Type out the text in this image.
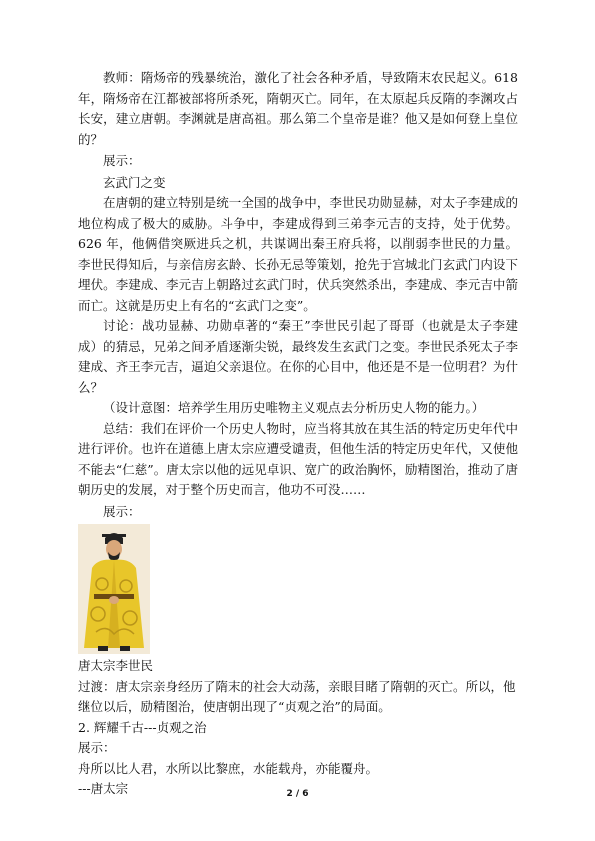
教师：隋炀帝的残暴统治，激化了社会各种矛盾，导致隋末农民起义。618 年，隋炀帝在江都被部将所杀死，隋朝灭亡。同年，在太原起兵反隋的李渊攻占长安，建立唐朝。李渊就是唐高祖。那么第二个皇帝是谁？他又是如何登上皇位的？

展示：

玄武门之变

在唐朝的建立特别是统一全国的战争中，李世民功勋显赫，对太子李建成的地位构成了极大的威胁。斗争中，李建成得到三弟李元吉的支持，处于优势。626 年，他俩借突厥进兵之机，共谋调出秦王府兵将，以削弱李世民的力量。李世民得知后，与亲信房玄龄、长孙无忌等策划，抢先于宫城北门玄武门内设下埋伏。李建成、李元吉上朝路过玄武门时，伏兵突然杀出，李建成、李元吉中箭而亡。这就是历史上有名的“玄武门之变”。

讨论：战功显赫、功勋卓著的“秦王”李世民引起了哥哥（也就是太子李建成）的猜忌，兄弟之间矛盾逐渐尖锐，最终发生玄武门之变。李世民杀死太子李建成、齐王李元吉，逼迫父亲退位。在你的心目中，他还是不是一位明君？为什么？

（设计意图：培养学生用历史唯物主义观点去分析历史人物的能力。）

总结：我们在评价一个历史人物时，应当将其放在其生活的特定历史年代中进行评价。也许在道德上唐太宗应遭受谴责，但他生活的特定历史年代，又使他不能去“仁慈”。唐太宗以他的远见卓识、宽广的政治胸怀，励精图治，推动了唐朝历史的发展，对于整个历史而言，他功不可没……

展示：

唐太宗李世民

过渡：唐太宗亲身经历了隋末的社会大动荡，亲眼目睹了隋朝的灭亡。所以，他

继位以后，励精图治，使唐朝出现了“贞观之治”的局面。

2. 辉耀千古---贞观之治

展示：

舟所以比人君，水所以比黎庶，水能载舟，亦能覆舟。

---唐太宗	2 / 6
